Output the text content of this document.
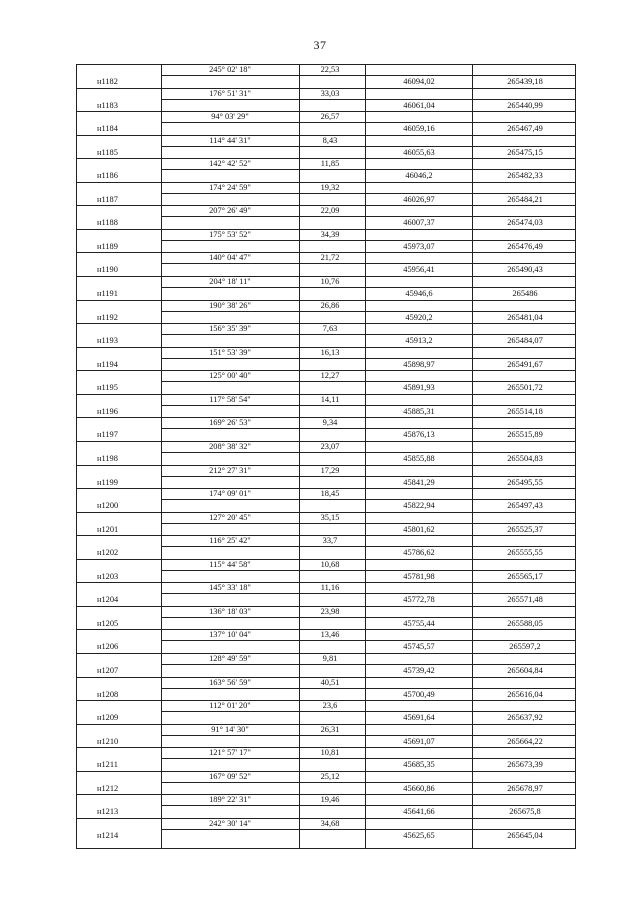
37
245° 02' 18"	22,53
н1182	46094,02	265439,18
176° 51' 31"	33,03
н1183	46061,04	265440,99
94° 03' 29"	26,57
н1184	46059,16	265467,49
114° 44' 31"	8,43
н1185	46055,63	265475,15
142° 42' 52"	11,85
н1186	46046,2	265482,33
174° 24' 59"	19,32
н1187	46026,97	265484,21
207° 26' 49"	22,09
н1188	46007,37	265474,03
175° 53' 52"	34,39
н1189	45973,07	265476,49
140° 04' 47"	21,72
н1190	45956,41	265490,43
204° 18' 11"	10,76
н1191	45946,6	265486
190° 38' 26"	26,86
н1192	45920,2	265481,04
156° 35' 39"	7,63
н1193	45913,2	265484,07
151° 53' 39"	16,13
н1194	45898,97	265491,67
125° 00' 40"	12,27
н1195	45891,93	265501,72
117° 58' 54"	14,11
н1196	45885,31	265514,18
169° 26' 53"	9,34
н1197	45876,13	265515,89
208° 38' 32"	23,07
н1198	45855,88	265504,83
212° 27' 31"	17,29
н1199	45841,29	265495,55
174° 09' 01"	18,45
н1200	45822,94	265497,43
127° 20' 45"	35,15
н1201	45801,62	265525,37
116° 25' 42"	33,7
н1202	45786,62	265555,55
115° 44' 58"	10,68
н1203	45781,98	265565,17
145° 33' 18"	11,16
н1204	45772,78	265571,48
136° 18' 03"	23,98
н1205	45755,44	265588,05
137° 10' 04"	13,46
н1206	45745,57	265597,2
128° 49' 59"	9,81
н1207	45739,42	265604,84
163° 56' 59"	40,51
н1208	45700,49	265616,04
112° 01' 20"	23,6
н1209	45691,64	265637,92
91° 14' 30"	26,31
н1210	45691,07	265664,22
121° 57' 17"	10,81
н1211	45685,35	265673,39
167° 09' 52"	25,12
н1212	45660,86	265678,97
189° 22' 31"	19,46
н1213	45641,66	265675,8
242° 30' 14"	34,68
н1214	45625,65	265645,04
